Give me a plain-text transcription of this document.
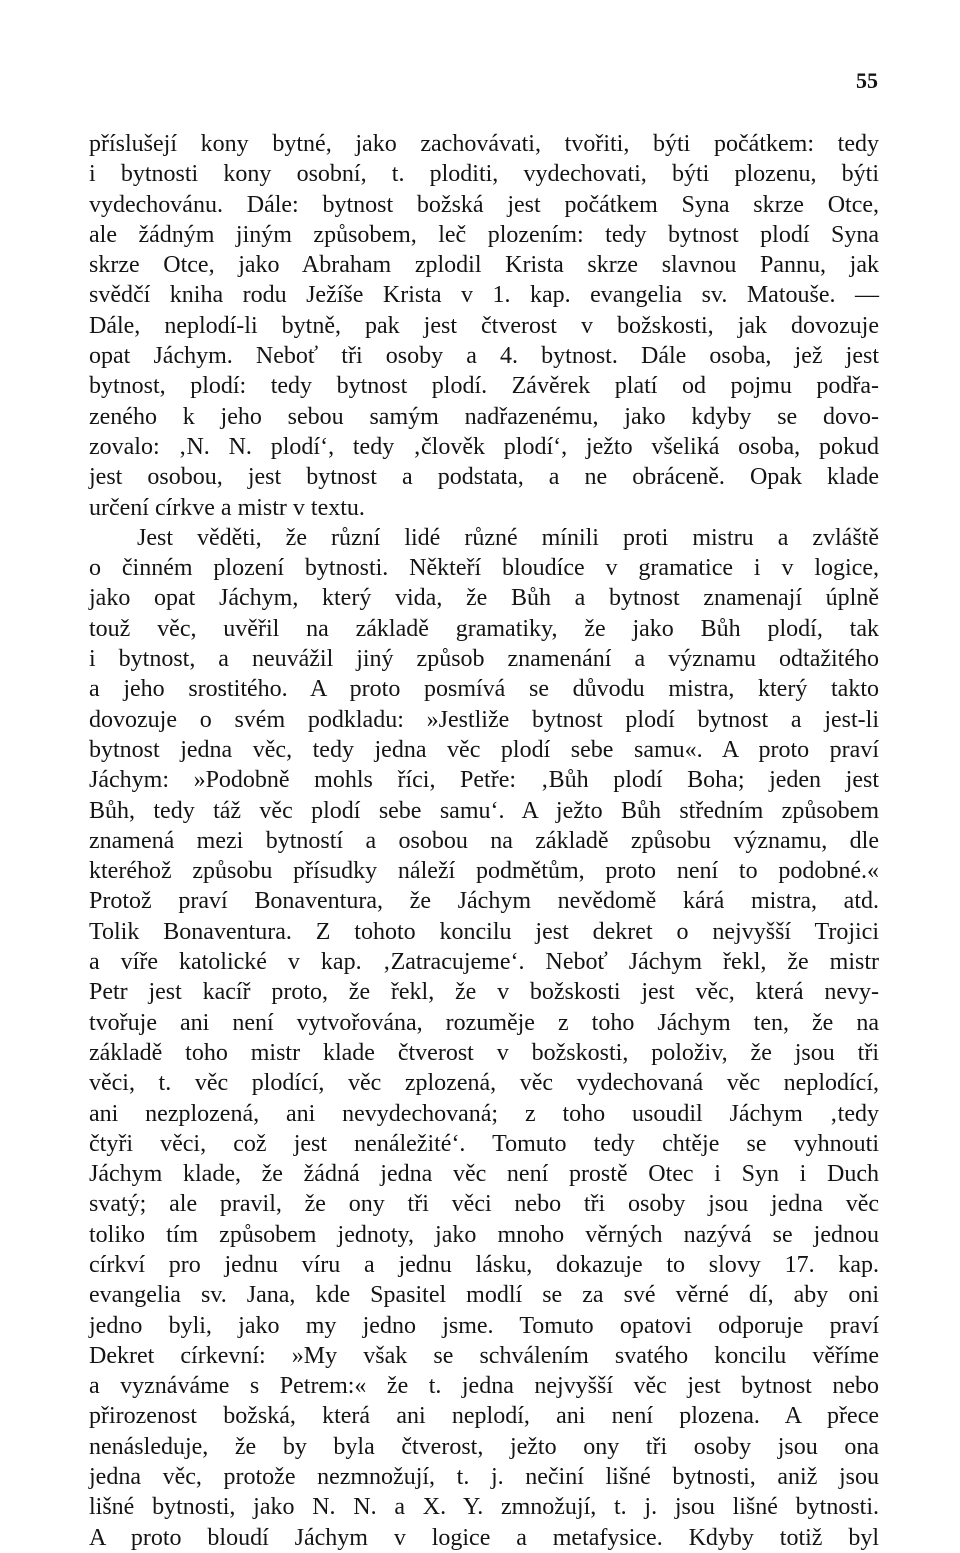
55
příslušejí kony bytné, jako zachovávati, tvořiti, býti počátkem: tedy
i bytnosti kony osobní, t. ploditi, vydechovati, býti plozenu, býti
vydechovánu. Dále: bytnost božská jest počátkem Syna skrze Otce,
ale žádným jiným způsobem, leč plozením: tedy bytnost plodí Syna
skrze Otce, jako Abraham zplodil Krista skrze slavnou Pannu, jak
svědčí kniha rodu Ježíše Krista v 1. kap. evangelia sv. Matouše. —
Dále, neplodí-li bytně, pak jest čtverost v božskosti, jak dovozuje
opat Jáchym. Neboť tři osoby a 4. bytnost. Dále osoba, jež jest
bytnost, plodí: tedy bytnost plodí. Závěrek platí od pojmu podřa-
zeného k jeho sebou samým nadřazenému, jako kdyby se dovo-
zovalo: ‚N. N. plodí‘, tedy ‚člověk plodí‘, ježto všeliká osoba, pokud
jest osobou, jest bytnost a podstata, a ne obráceně. Opak klade
určení církve a mistr v textu.
Jest věděti, že různí lidé různé mínili proti mistru a zvláště
o činném plození bytnosti. Někteří bloudíce v gramatice i v logice,
jako opat Jáchym, který vida, že Bůh a bytnost znamenají úplně
touž věc, uvěřil na základě gramatiky, že jako Bůh plodí, tak
i bytnost, a neuvážil jiný způsob znamenání a významu odtažitého
a jeho srostitého. A proto posmívá se důvodu mistra, který takto
dovozuje o svém podkladu: »Jestliže bytnost plodí bytnost a jest-li
bytnost jedna věc, tedy jedna věc plodí sebe samu«. A proto praví
Jáchym: »Podobně mohls říci, Petře: ‚Bůh plodí Boha; jeden jest
Bůh, tedy táž věc plodí sebe samu‘. A ježto Bůh středním způsobem
znamená mezi bytností a osobou na základě způsobu významu, dle
kteréhož způsobu přísudky náleží podmětům, proto není to podobné.«
Protož praví Bonaventura, že Jáchym nevědomě kárá mistra, atd.
Tolik Bonaventura. Z tohoto koncilu jest dekret o nejvyšší Trojici
a víře katolické v kap. ‚Zatracujeme‘. Neboť Jáchym řekl, že mistr
Petr jest kacíř proto, že řekl, že v božskosti jest věc, která nevy-
tvořuje ani není vytvořována, rozuměje z toho Jáchym ten, že na
základě toho mistr klade čtverost v božskosti, položiv, že jsou tři
věci, t. věc plodící, věc zplozená, věc vydechovaná věc neplodící,
ani nezplozená, ani nevydechovaná; z toho usoudil Jáchym ‚tedy
čtyři věci, což jest nenáležité‘. Tomuto tedy chtěje se vyhnouti
Jáchym klade, že žádná jedna věc není prostě Otec i Syn i Duch
svatý; ale pravil, že ony tři věci nebo tři osoby jsou jedna věc
toliko tím způsobem jednoty, jako mnoho věrných nazývá se jednou
církví pro jednu víru a jednu lásku, dokazuje to slovy 17. kap.
evangelia sv. Jana, kde Spasitel modlí se za své věrné dí, aby oni
jedno byli, jako my jedno jsme. Tomuto opatovi odporuje praví
Dekret církevní: »My však se schválením svatého koncilu věříme
a vyznáváme s Petrem:« že t. jedna nejvyšší věc jest bytnost nebo
přirozenost božská, která ani neplodí, ani není plozena. A přece
nenásleduje, že by byla čtverost, ježto ony tři osoby jsou ona
jedna věc, protože nezmnožují, t. j. nečiní lišné bytnosti, aniž jsou
lišné bytnosti, jako N. N. a X. Y. zmnožují, t. j. jsou lišné bytnosti.
A proto bloudí Jáchym v logice a metafysice. Kdyby totiž byl
